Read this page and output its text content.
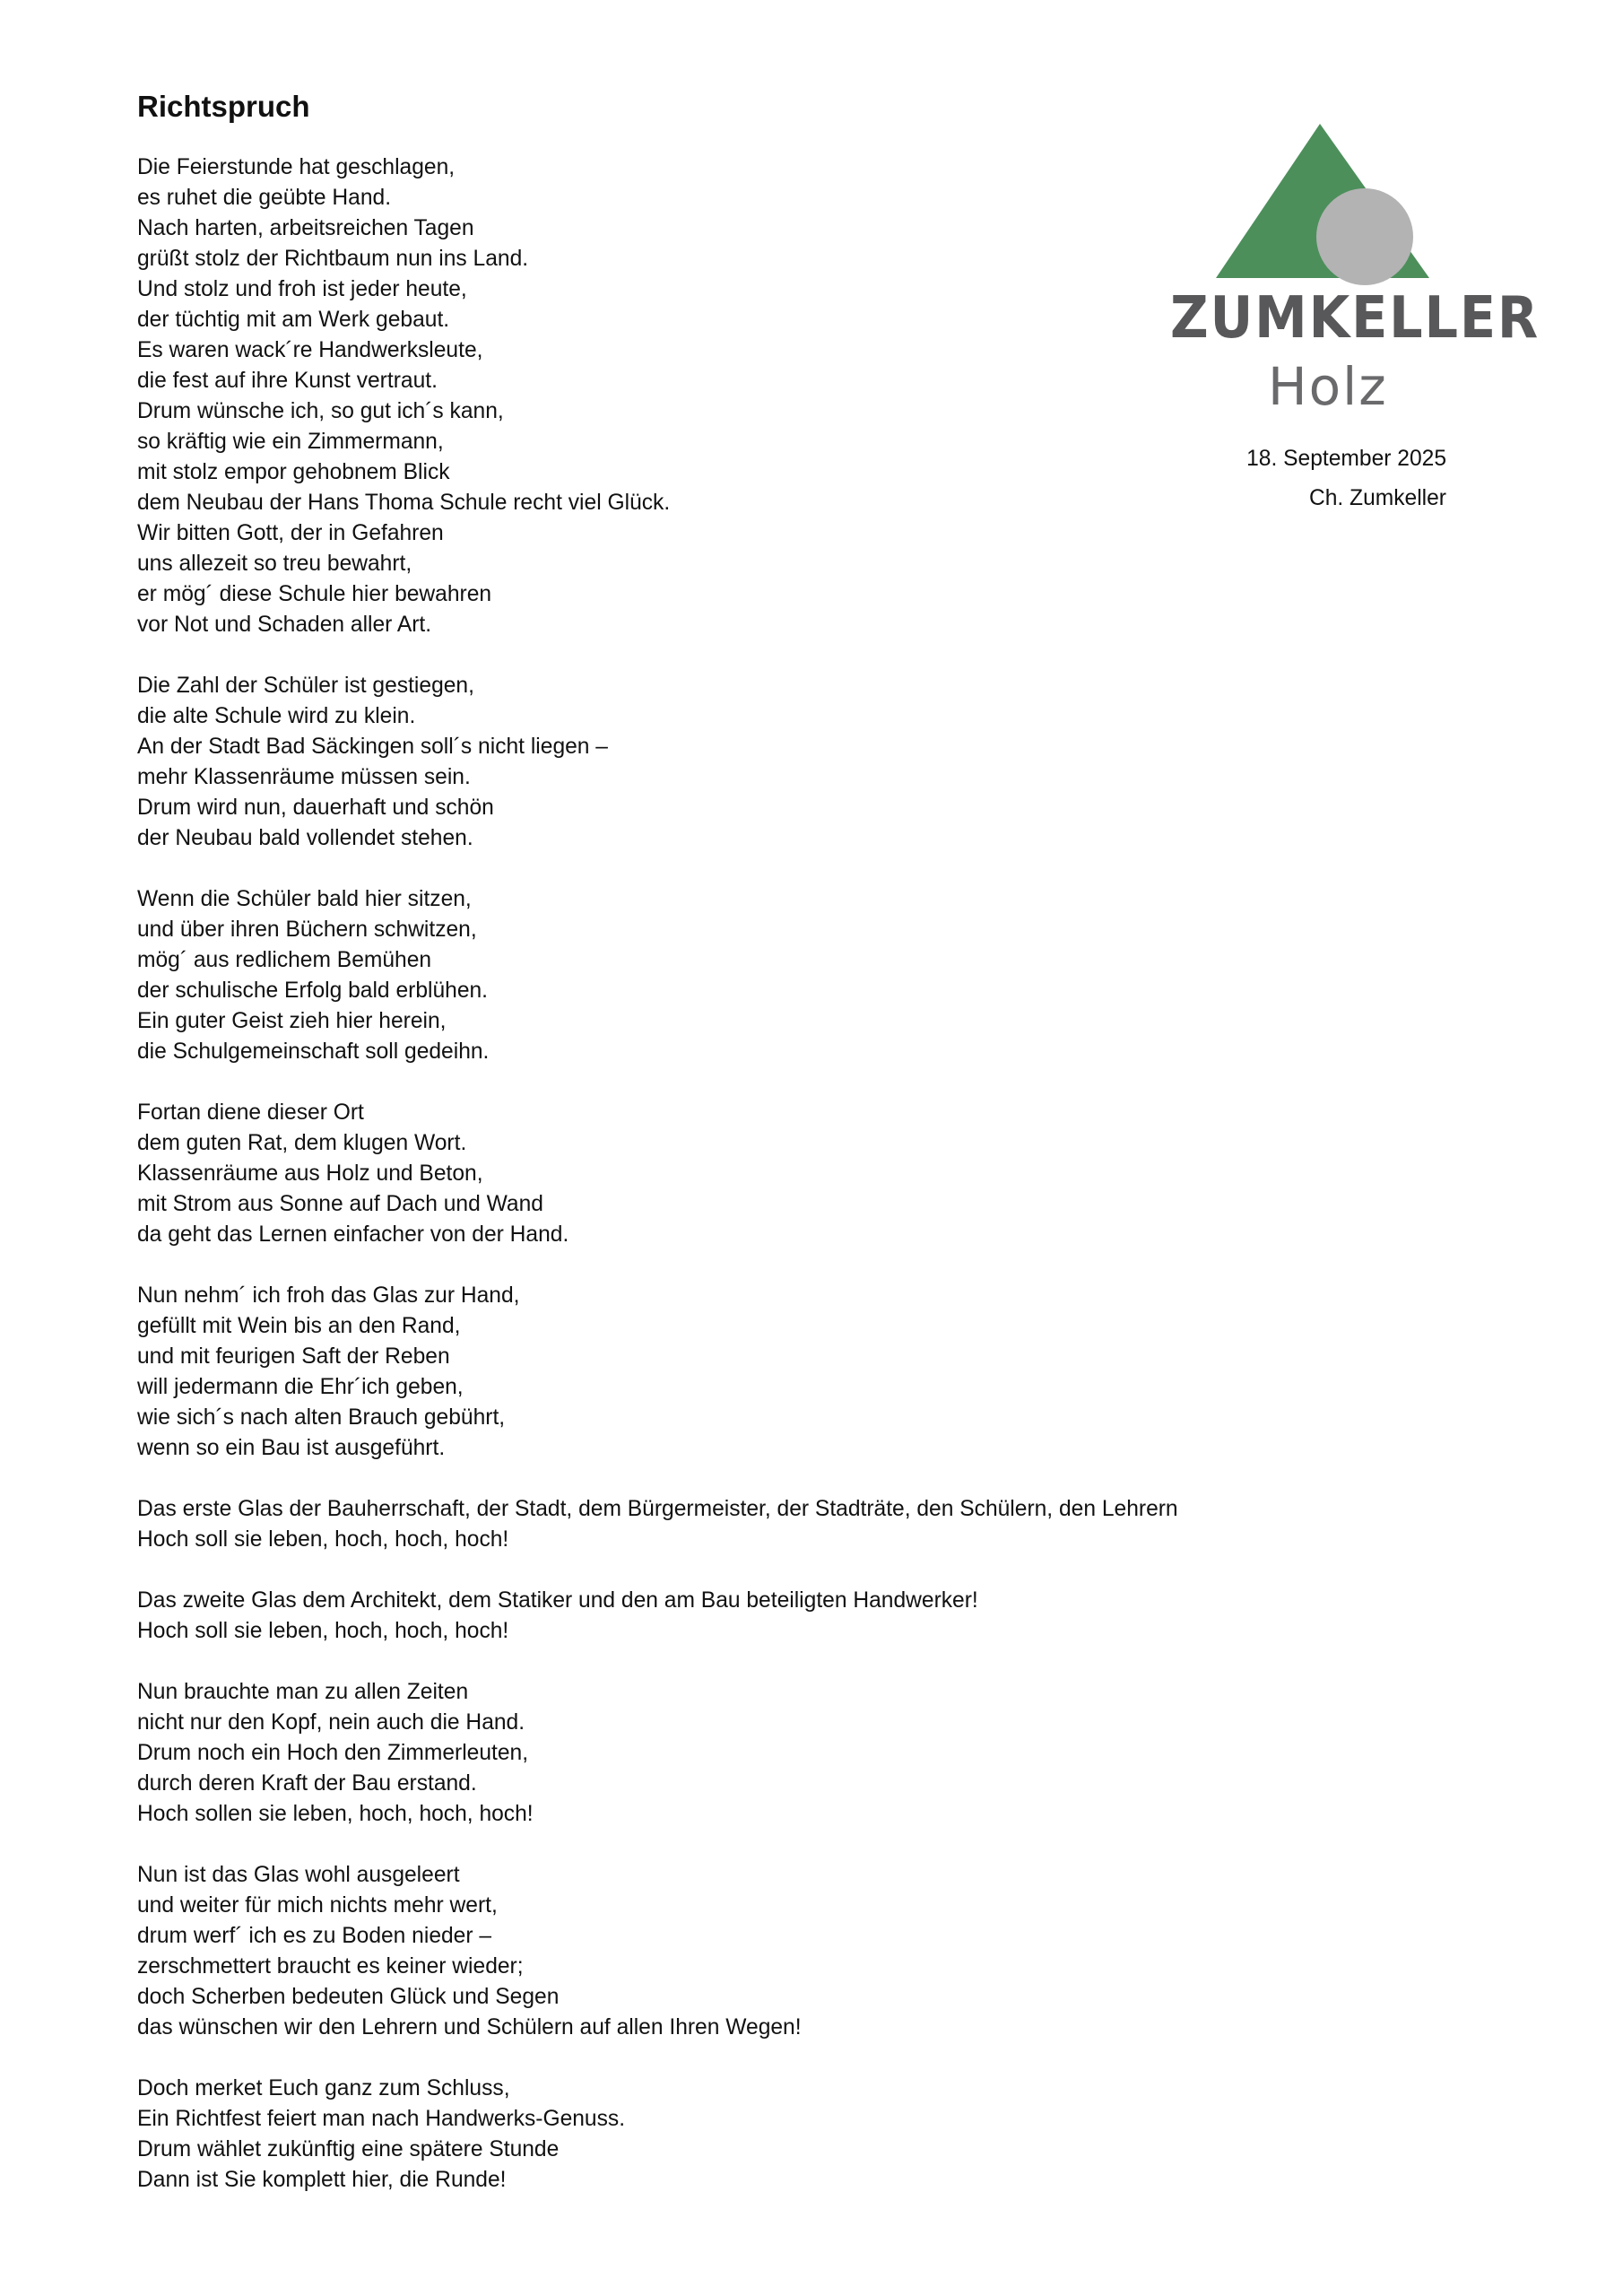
Richtspruch
ZUMKELLER
Holz
18. September 2025
Ch. Zumkeller
Die Feierstunde hat geschlagen,
es ruhet die geübte Hand.
Nach harten, arbeitsreichen Tagen
grüßt stolz der Richtbaum nun ins Land.
Und stolz und froh ist jeder heute,
der tüchtig mit am Werk gebaut.
Es waren wack´re Handwerksleute,
die fest auf ihre Kunst vertraut.
Drum wünsche ich, so gut ich´s kann,
so kräftig wie ein Zimmermann,
mit stolz empor gehobnem Blick
dem Neubau der Hans Thoma Schule recht viel Glück.
Wir bitten Gott, der in Gefahren
uns allezeit so treu bewahrt,
er mög´ diese Schule hier bewahren
vor Not und Schaden aller Art.
Die Zahl der Schüler ist gestiegen,
die alte Schule wird zu klein.
An der Stadt Bad Säckingen soll´s nicht liegen –
mehr Klassenräume müssen sein.
Drum wird nun, dauerhaft und schön
der Neubau bald vollendet stehen.
Wenn die Schüler bald hier sitzen,
und über ihren Büchern schwitzen,
mög´ aus redlichem Bemühen
der schulische Erfolg bald erblühen.
Ein guter Geist zieh hier herein,
die Schulgemeinschaft soll gedeihn.
Fortan diene dieser Ort
dem guten Rat, dem klugen Wort.
Klassenräume aus Holz und Beton,
mit Strom aus Sonne auf Dach und Wand
da geht das Lernen einfacher von der Hand.
Nun nehm´ ich froh das Glas zur Hand,
gefüllt mit Wein bis an den Rand,
und mit feurigen Saft der Reben
will jedermann die Ehr´ich geben,
wie sich´s nach alten Brauch gebührt,
wenn so ein Bau ist ausgeführt.
Das erste Glas der Bauherrschaft, der Stadt, dem Bürgermeister, der Stadträte, den Schülern, den Lehrern
Hoch soll sie leben, hoch, hoch, hoch!
Das zweite Glas dem Architekt, dem Statiker und den am Bau beteiligten Handwerker!
Hoch soll sie leben, hoch, hoch, hoch!
Nun brauchte man zu allen Zeiten
nicht nur den Kopf, nein auch die Hand.
Drum noch ein Hoch den Zimmerleuten,
durch deren Kraft der Bau erstand.
Hoch sollen sie leben, hoch, hoch, hoch!
Nun ist das Glas wohl ausgeleert
und weiter für mich nichts mehr wert,
drum werf´ ich es zu Boden nieder –
zerschmettert braucht es keiner wieder;
doch Scherben bedeuten Glück und Segen
das wünschen wir den Lehrern und Schülern auf allen Ihren Wegen!
Doch merket Euch ganz zum Schluss,
Ein Richtfest feiert man nach Handwerks-Genuss.
Drum wählet zukünftig eine spätere Stunde
Dann ist Sie komplett hier, die Runde!
